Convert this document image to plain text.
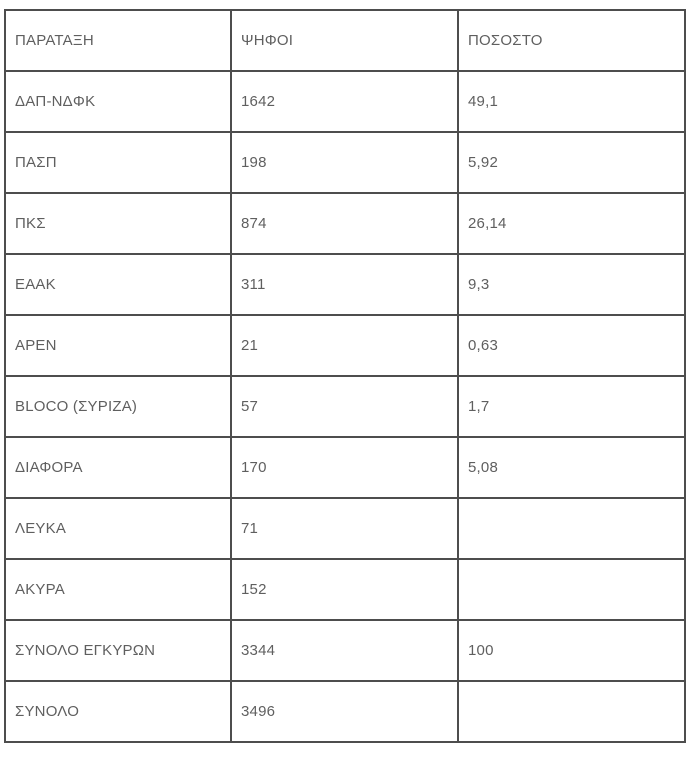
ΠΑΡΑΤΑΞΗ	ΨΗΦΟΙ	ΠΟΣΟΣΤΟ
ΔΑΠ-ΝΔΦΚ	1642	49,1
ΠΑΣΠ	198	5,92
ΠΚΣ	874	26,14
ΕΑΑΚ	311	9,3
ΑΡΕΝ	21	0,63
BLOCO (ΣΥΡΙΖΑ)	57	1,7
ΔΙΑΦΟΡΑ	170	5,08
ΛΕΥΚΑ	71	
ΑΚΥΡΑ	152	
ΣΥΝΟΛΟ ΕΓΚΥΡΩΝ	3344	100
ΣΥΝΟΛΟ	3496	
